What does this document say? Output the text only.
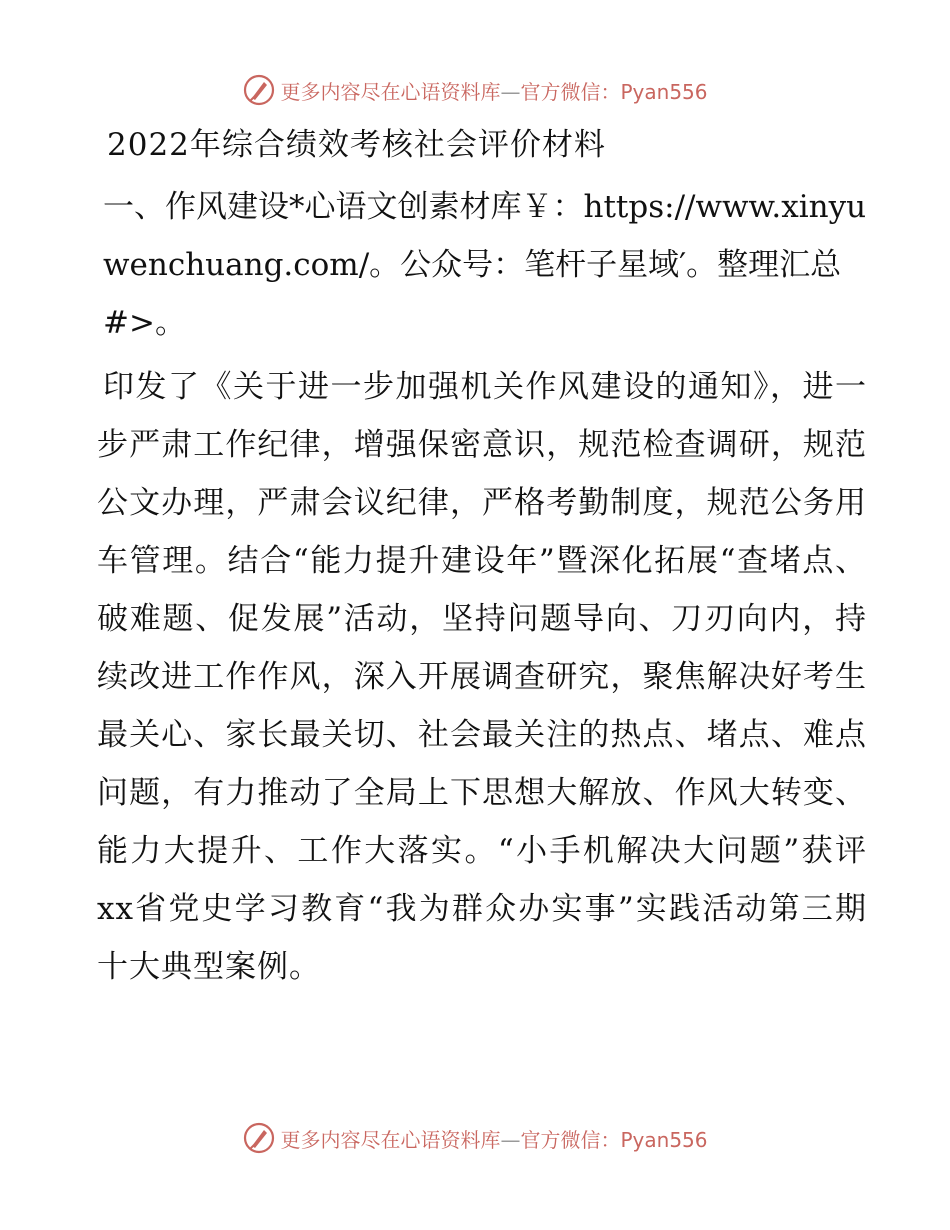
更多内容尽在心语资料库—官方微信：Pyan556

2022年综合绩效考核社会评价材料

一、作风建设*心语文创素材库￥：https://www.xinyuwenchuang.com/。公众号：笔杆子星域′。整理汇总#>。

印发了《关于进一步加强机关作风建设的通知》，进一步严肃工作纪律，增强保密意识，规范检查调研，规范公文办理，严肃会议纪律，严格考勤制度，规范公务用车管理。结合“能力提升建设年”暨深化拓展“查堵点、破难题、促发展”活动，坚持问题导向、刀刃向内，持续改进工作作风，深入开展调查研究，聚焦解决好考生最关心、家长最关切、社会最关注的热点、堵点、难点问题，有力推动了全局上下思想大解放、作风大转变、能力大提升、工作大落实。“小手机解决大问题”获评xx省党史学习教育“我为群众办实事”实践活动第三期十大典型案例。

更多内容尽在心语资料库—官方微信：Pyan556
